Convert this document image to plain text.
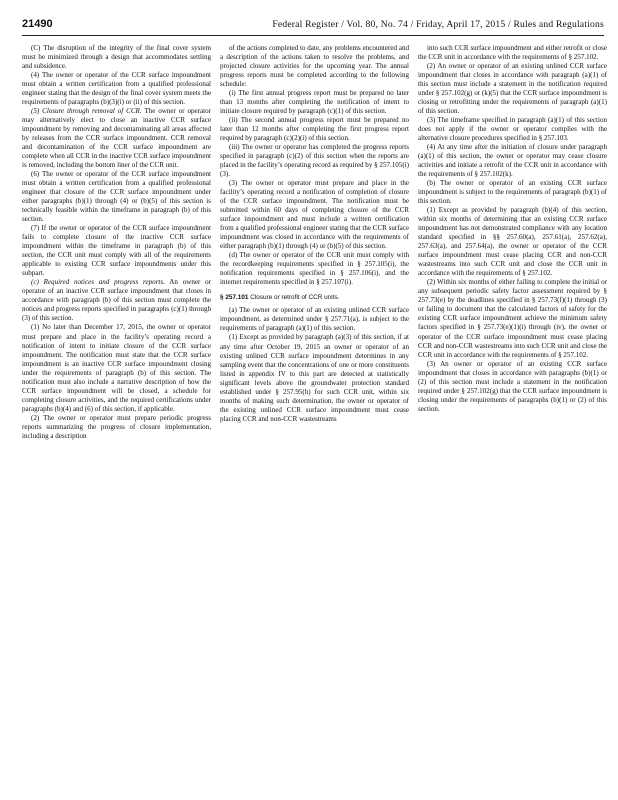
21490	Federal Register / Vol. 80, No. 74 / Friday, April 17, 2015 / Rules and Regulations

(C) The disruption of the integrity of the final cover system must be minimized through a design that accommodates settling and subsidence.

(4) The owner or operator of the CCR surface impoundment must obtain a written certification from a qualified professional engineer stating that the design of the final cover system meets the requirements of paragraphs (b)(3)(i) or (ii) of this section.

(5) Closure through removal of CCR. The owner or operator may alternatively elect to close an inactive CCR surface impoundment by removing and decontaminating all areas affected by releases from the CCR surface impoundment. CCR removal and decontamination of the CCR surface impoundment are complete when all CCR in the inactive CCR surface impoundment is removed, including the bottom liner of the CCR unit.

(6) The owner or operator of the CCR surface impoundment must obtain a written certification from a qualified professional engineer that closure of the CCR surface impoundment under either paragraphs (b)(1) through (4) or (b)(5) of this section is technically feasible within the timeframe in paragraph (b) of this section.

(7) If the owner or operator of the CCR surface impoundment fails to complete closure of the inactive CCR surface impoundment within the timeframe in paragraph (b) of this section, the CCR unit must comply with all of the requirements applicable to existing CCR surface impoundments under this subpart.

(c) Required notices and progress reports. An owner or operator of an inactive CCR surface impoundment that closes in accordance with paragraph (b) of this section must complete the notices and progress reports specified in paragraphs (c)(1) through (3) of this section.

(1) No later than December 17, 2015, the owner or operator must prepare and place in the facility’s operating record a notification of intent to initiate closure of the CCR surface impoundment. The notification must state that the CCR surface impoundment is an inactive CCR surface impoundment closing under the requirements of paragraph (b) of this section. The notification must also include a narrative description of how the CCR surface impoundment will be closed, a schedule for completing closure activities, and the required certifications under paragraphs (b)(4) and (6) of this section, if applicable.

(2) The owner or operator must prepare periodic progress reports summarizing the progress of closure implementation, including a description

of the actions completed to date, any problems encountered and a description of the actions taken to resolve the problems, and projected closure activities for the upcoming year. The annual progress reports must be completed according to the following schedule:

(i) The first annual progress report must be prepared no later than 13 months after completing the notification of intent to initiate closure required by paragraph (c)(1) of this section.

(ii) The second annual progress report must be prepared no later than 12 months after completing the first progress report required by paragraph (c)(2)(i) of this section.

(iii) The owner or operator has completed the progress reports specified in paragraph (c)(2) of this section when the reports are placed in the facility’s operating record as required by § 257.105(i)(3).

(3) The owner or operator must prepare and place in the facility’s operating record a notification of completion of closure of the CCR surface impoundment. The notification must be submitted within 60 days of completing closure of the CCR surface impoundment and must include a written certification from a qualified professional engineer stating that the CCR surface impoundment was closed in accordance with the requirements of either paragraph (b)(1) through (4) or (b)(5) of this section.

(d) The owner or operator of the CCR unit must comply with the recordkeeping requirements specified in § 257.105(i), the notification requirements specified in § 257.106(i), and the internet requirements specified in § 257.107(i).

§ 257.101 Closure or retrofit of CCR units.

(a) The owner or operator of an existing unlined CCR surface impoundment, as determined under § 257.71(a), is subject to the requirements of paragraph (a)(1) of this section.

(1) Except as provided by paragraph (a)(3) of this section, if at any time after October 19, 2015 an owner or operator of an existing unlined CCR surface impoundment determines in any sampling event that the concentrations of one or more constituents listed in appendix IV to this part are detected at statistically significant levels above the groundwater protection standard established under § 257.95(h) for such CCR unit, within six months of making such determination, the owner or operator of the existing unlined CCR surface impoundment must cease placing CCR and non-CCR wastestreams

into such CCR surface impoundment and either retrofit or close the CCR unit in accordance with the requirements of § 257.102.

(2) An owner or operator of an existing unlined CCR surface impoundment that closes in accordance with paragraph (a)(1) of this section must include a statement in the notification required under § 257.102(g) or (k)(5) that the CCR surface impoundment is closing or retrofitting under the requirements of paragraph (a)(1) of this section.

(3) The timeframe specified in paragraph (a)(1) of this section does not apply if the owner or operator complies with the alternative closure procedures specified in § 257.103.

(4) At any time after the initiation of closure under paragraph (a)(1) of this section, the owner or operator may cease closure activities and initiate a retrofit of the CCR unit in accordance with the requirements of § 257.102(k).

(b) The owner or operator of an existing CCR surface impoundment is subject to the requirements of paragraph (b)(1) of this section.

(1) Except as provided by paragraph (b)(4) of this section, within six months of determining that an existing CCR surface impoundment has not demonstrated compliance with any location standard specified in §§ 257.60(a), 257.61(a), 257.62(a), 257.63(a), and 257.64(a), the owner or operator of the CCR surface impoundment must cease placing CCR and non-CCR wastestreams into such CCR unit and close the CCR unit in accordance with the requirements of § 257.102.

(2) Within six months of either failing to complete the initial or any subsequent periodic safety factor assessment required by § 257.73(e) by the deadlines specified in § 257.73(f)(1) through (3) or failing to document that the calculated factors of safety for the existing CCR surface impoundment achieve the minimum safety factors specified in § 257.73(e)(1)(i) through (iv), the owner or operator of the CCR surface impoundment must cease placing CCR and non-CCR wastestreams into such CCR unit and close the CCR unit in accordance with the requirements of § 257.102.

(3) An owner or operator of an existing CCR surface impoundment that closes in accordance with paragraphs (b)(1) or (2) of this section must include a statement in the notification required under § 257.102(g) that the CCR surface impoundment is closing under the requirements of paragraphs (b)(1) or (2) of this section.
